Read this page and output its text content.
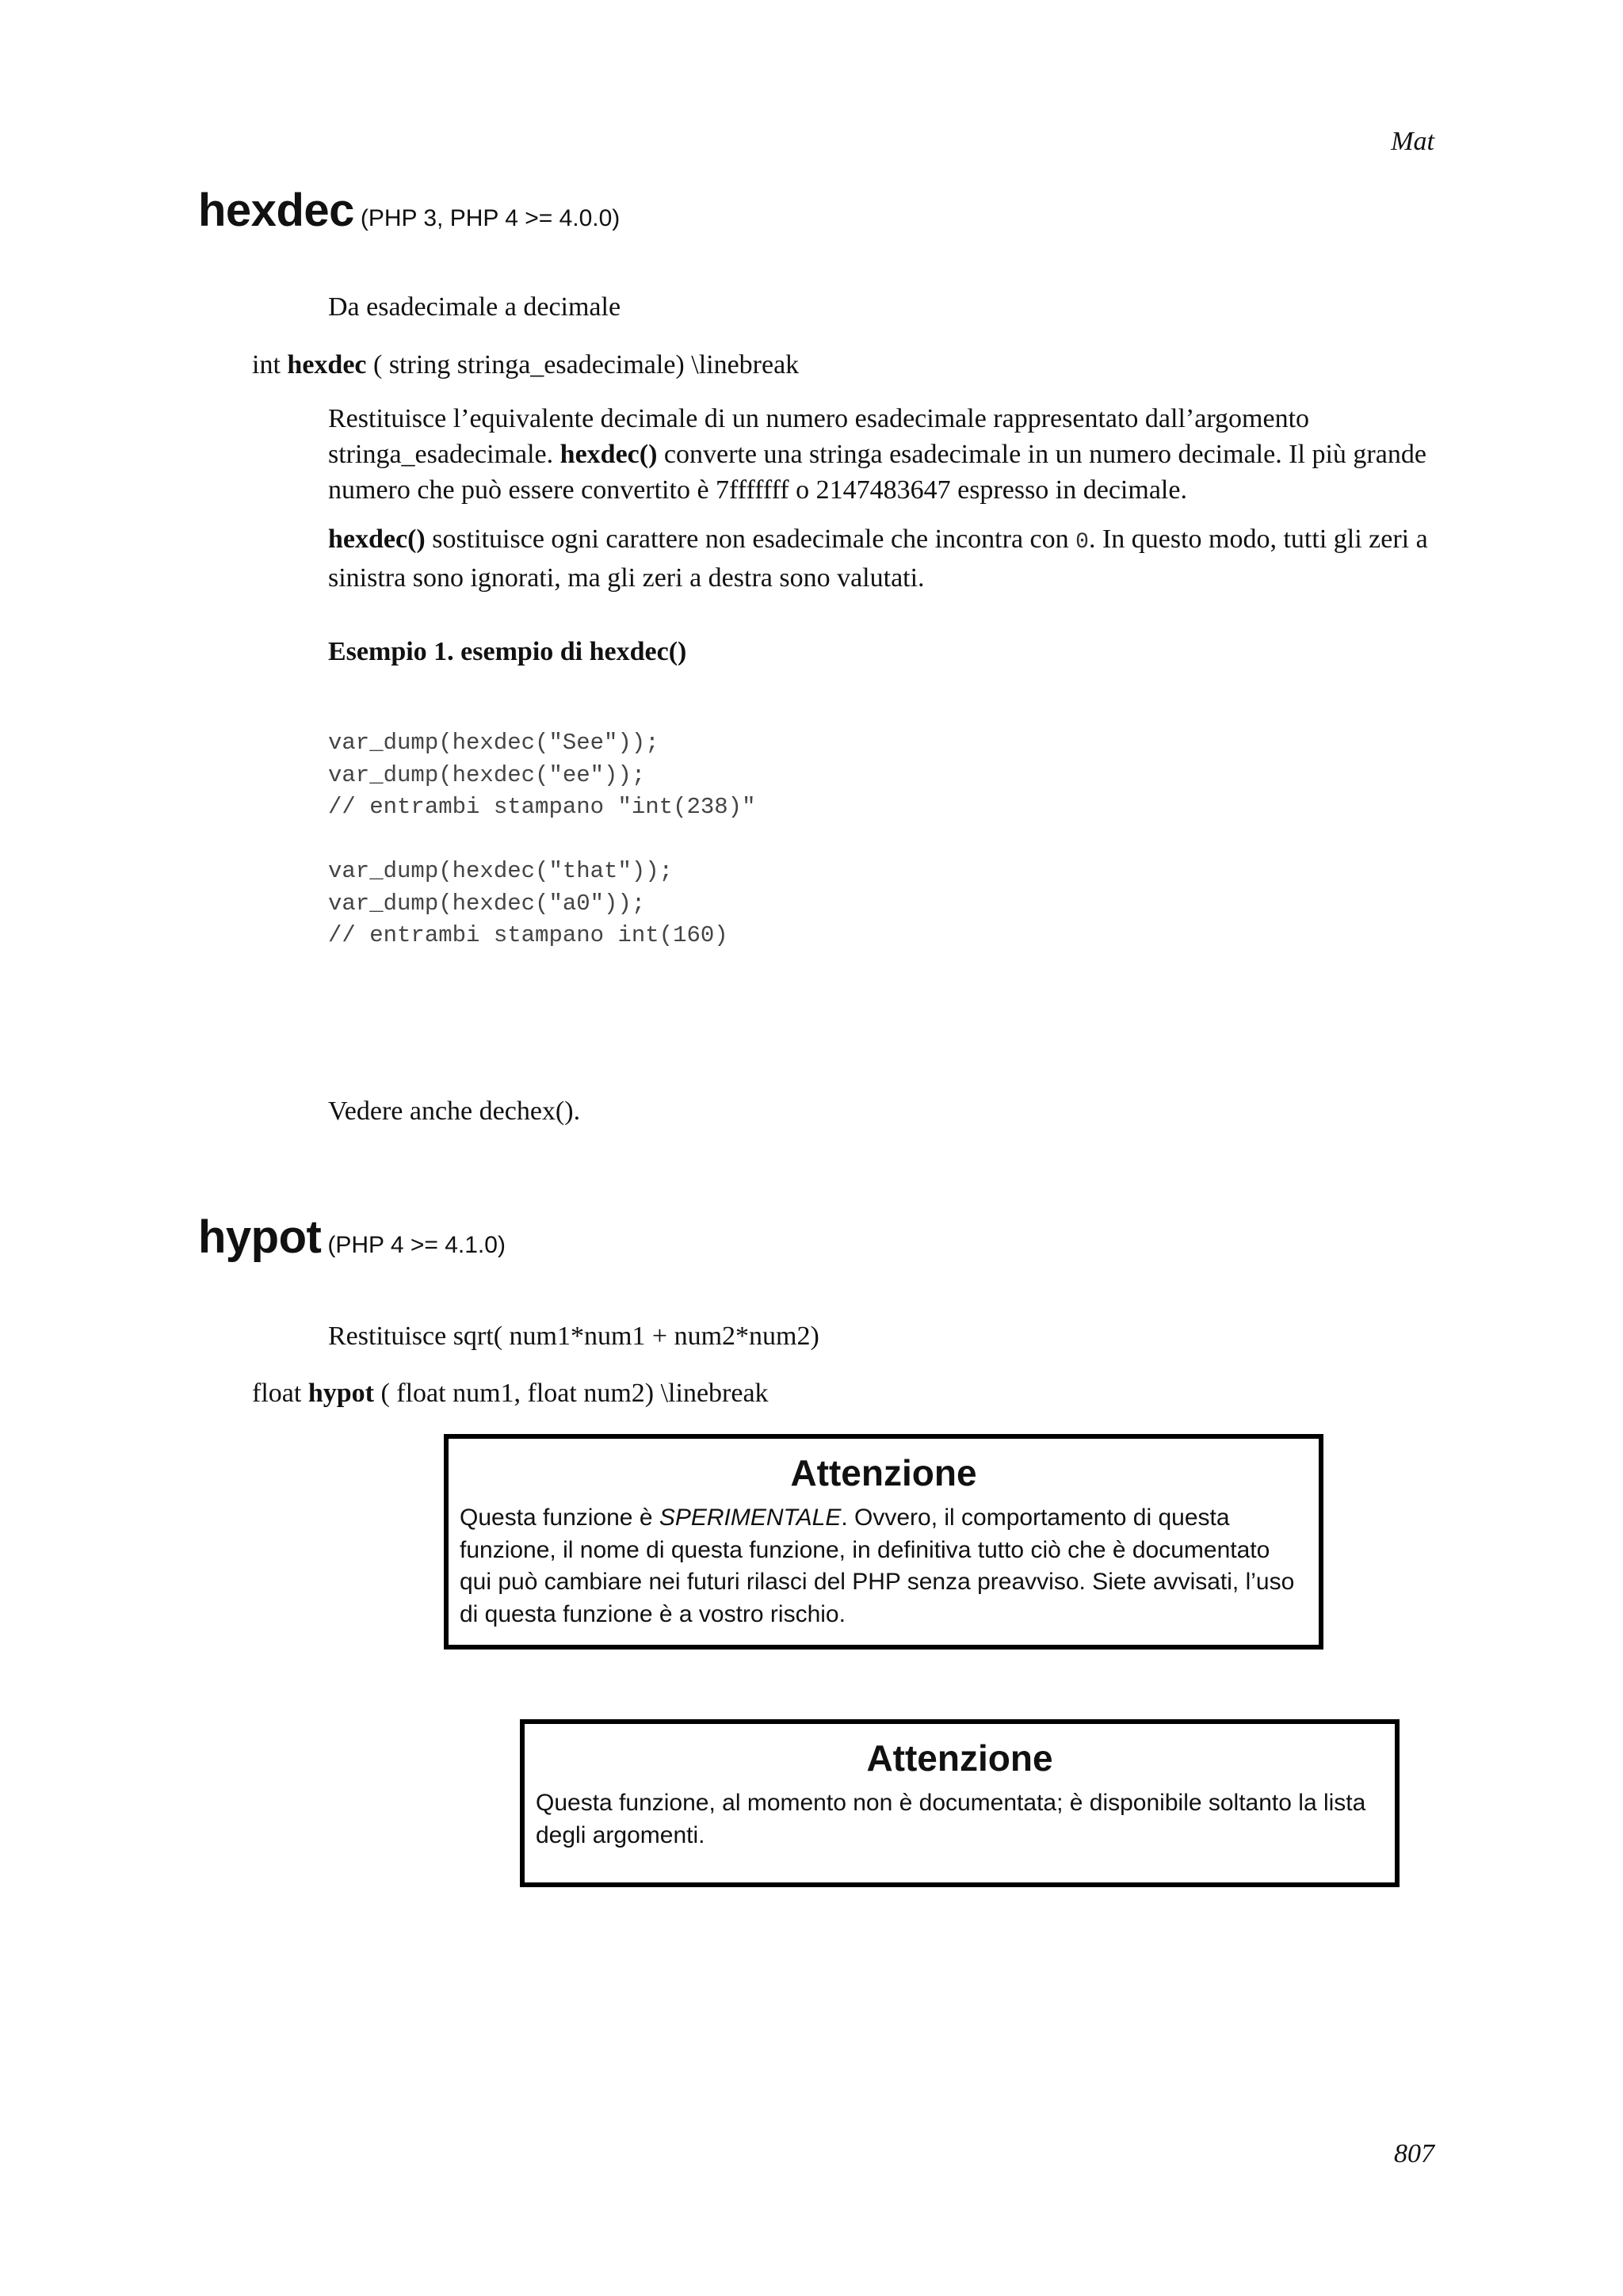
Mat
hexdec (PHP 3, PHP 4 >= 4.0.0)
Da esadecimale a decimale
int hexdec ( string stringa_esadecimale) \linebreak
Restituisce l’equivalente decimale di un numero esadecimale rappresentato dall’argomento stringa_esadecimale. hexdec() converte una stringa esadecimale in un numero decimale. Il più grande numero che può essere convertito è 7fffffff o 2147483647 espresso in decimale.
hexdec() sostituisce ogni carattere non esadecimale che incontra con 0. In questo modo, tutti gli zeri a sinistra sono ignorati, ma gli zeri a destra sono valutati.
Esempio 1. esempio di hexdec()
var_dump(hexdec("See"));
var_dump(hexdec("ee"));
// entrambi stampano "int(238)"

var_dump(hexdec("that"));
var_dump(hexdec("a0"));
// entrambi stampano int(160)
Vedere anche dechex().
hypot (PHP 4 >= 4.1.0)
Restituisce sqrt( num1*num1 + num2*num2)
float hypot ( float num1, float num2) \linebreak
Attenzione
Questa funzione è SPERIMENTALE. Ovvero, il comportamento di questa funzione, il nome di questa funzione, in definitiva tutto ciò che è documentato qui può cambiare nei futuri rilasci del PHP senza preavviso. Siete avvisati, l’uso di questa funzione è a vostro rischio.
Attenzione
Questa funzione, al momento non è documentata; è disponibile soltanto la lista degli argomenti.
807
